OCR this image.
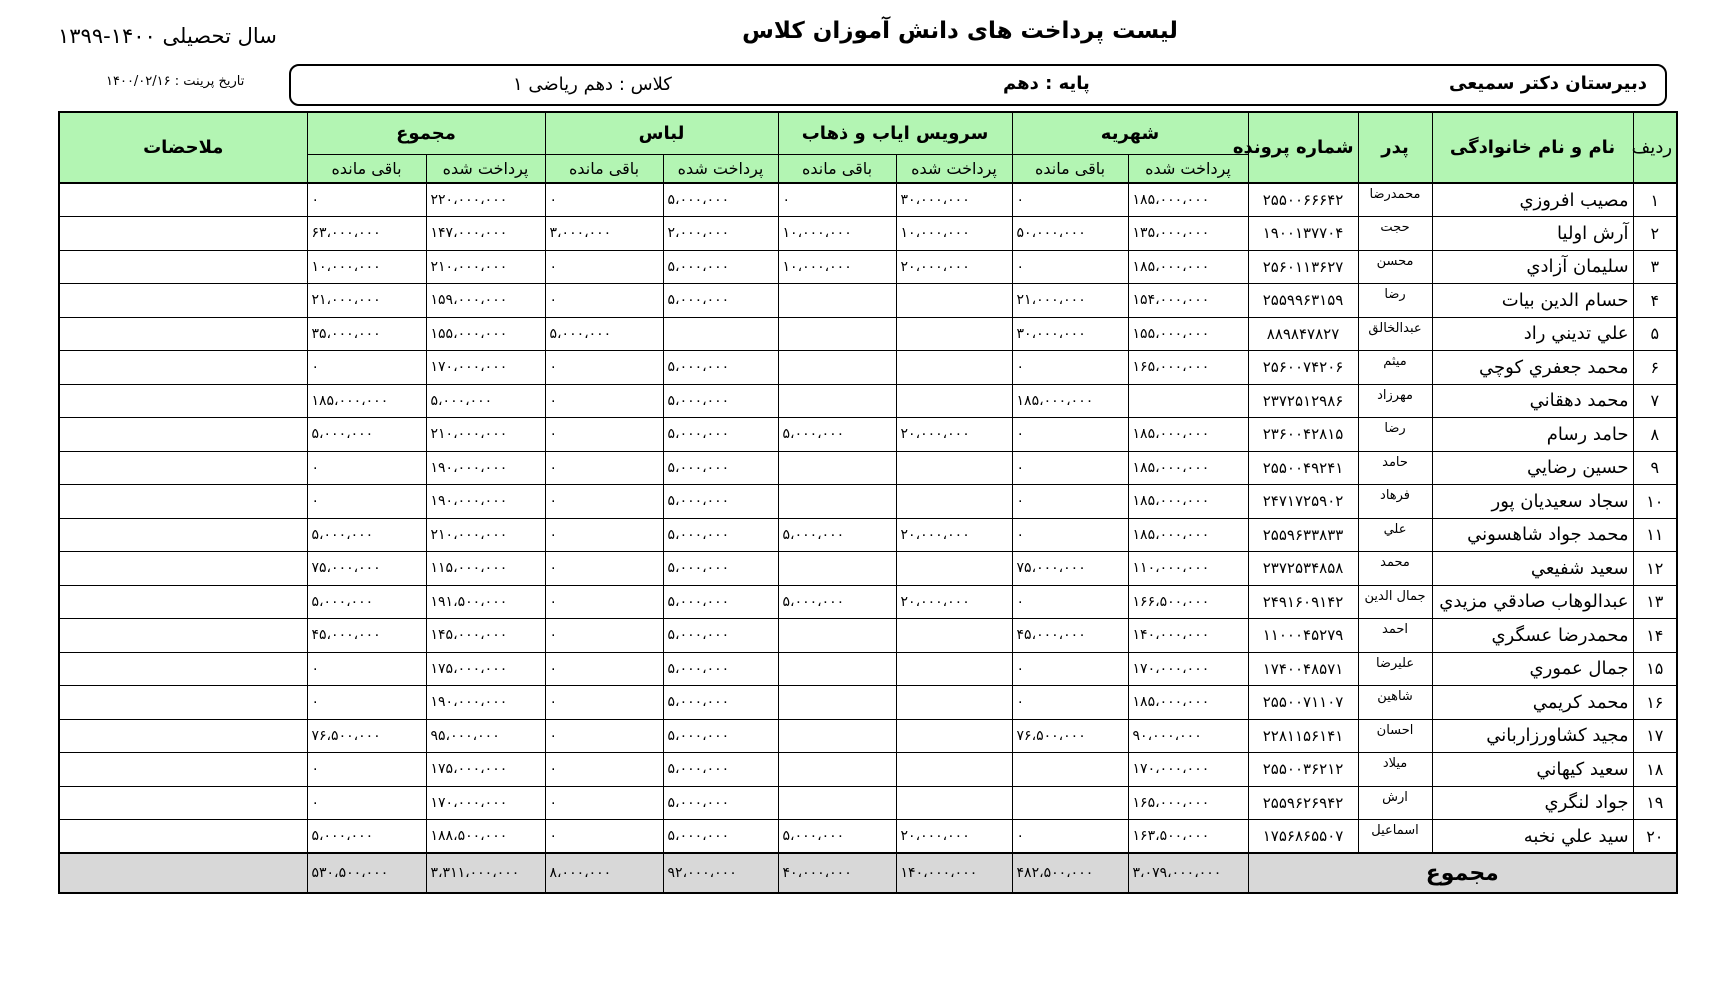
لیست پرداخت های دانش آموزان کلاس
سال تحصیلی ۱۴۰۰-۱۳۹۹
تاریخ پرینت : ۱۴۰۰/۰۲/۱۶	دبیرستان دکتر سمیعی
پایه : دهم
کلاس : دهم ریاضی ۱
ردیف	نام و نام خانوادگی	پدر	شماره پرونده	شهریه		سرویس ایاب و ذهاب		لباس		مجموع		ملاحضات
				پرداخت شده	باقی مانده	پرداخت شده	باقی مانده	پرداخت شده	باقی مانده	پرداخت شده	باقی مانده	
۱	مصیب افروزي	محمدرضا	۲۵۵۰۰۶۶۶۴۲	۱۸۵،۰۰۰،۰۰۰	۰	۳۰،۰۰۰،۰۰۰	۰	۵،۰۰۰،۰۰۰	۰	۲۲۰،۰۰۰،۰۰۰	۰	
۲	آرش اوليا	حجت	۱۹۰۰۱۳۷۷۰۴	۱۳۵،۰۰۰،۰۰۰	۵۰،۰۰۰،۰۰۰	۱۰،۰۰۰،۰۰۰	۱۰،۰۰۰،۰۰۰	۲،۰۰۰،۰۰۰	۳،۰۰۰،۰۰۰	۱۴۷،۰۰۰،۰۰۰	۶۳،۰۰۰،۰۰۰	
۳	سليمان آزادي	محسن	۲۵۶۰۱۱۳۶۲۷	۱۸۵،۰۰۰،۰۰۰	۰	۲۰،۰۰۰،۰۰۰	۱۰،۰۰۰،۰۰۰	۵،۰۰۰،۰۰۰	۰	۲۱۰،۰۰۰،۰۰۰	۱۰،۰۰۰،۰۰۰	
۴	حسام الدين بيات	رضا	۲۵۵۹۹۶۳۱۵۹	۱۵۴،۰۰۰،۰۰۰	۲۱،۰۰۰،۰۰۰			۵،۰۰۰،۰۰۰	۰	۱۵۹،۰۰۰،۰۰۰	۲۱،۰۰۰،۰۰۰	
۵	علي تديني راد	عبدالخالق	۸۸۹۸۴۷۸۲۷	۱۵۵،۰۰۰،۰۰۰	۳۰،۰۰۰،۰۰۰				۵،۰۰۰،۰۰۰	۱۵۵،۰۰۰،۰۰۰	۳۵،۰۰۰،۰۰۰	
۶	محمد جعفري كوچي	میثم	۲۵۶۰۰۷۴۲۰۶	۱۶۵،۰۰۰،۰۰۰	۰			۵،۰۰۰،۰۰۰	۰	۱۷۰،۰۰۰،۰۰۰	۰	
۷	محمد دهقاني	مهرزاد	۲۳۷۲۵۱۲۹۸۶		۱۸۵،۰۰۰،۰۰۰			۵،۰۰۰،۰۰۰	۰	۵،۰۰۰،۰۰۰	۱۸۵،۰۰۰،۰۰۰	
۸	حامد رسام	رضا	۲۳۶۰۰۴۲۸۱۵	۱۸۵،۰۰۰،۰۰۰	۰	۲۰،۰۰۰،۰۰۰	۵،۰۰۰،۰۰۰	۵،۰۰۰،۰۰۰	۰	۲۱۰،۰۰۰،۰۰۰	۵،۰۰۰،۰۰۰	
۹	حسين رضايي	حامد	۲۵۵۰۰۴۹۲۴۱	۱۸۵،۰۰۰،۰۰۰	۰			۵،۰۰۰،۰۰۰	۰	۱۹۰،۰۰۰،۰۰۰	۰	
۱۰	سجاد سعيديان پور	فرهاد	۲۴۷۱۷۲۵۹۰۲	۱۸۵،۰۰۰،۰۰۰	۰			۵،۰۰۰،۰۰۰	۰	۱۹۰،۰۰۰،۰۰۰	۰	
۱۱	محمد جواد شاهسوني	علي	۲۵۵۹۶۳۳۸۳۳	۱۸۵،۰۰۰،۰۰۰	۰	۲۰،۰۰۰،۰۰۰	۵،۰۰۰،۰۰۰	۵،۰۰۰،۰۰۰	۰	۲۱۰،۰۰۰،۰۰۰	۵،۰۰۰،۰۰۰	
۱۲	سعيد شفيعي	محمد	۲۳۷۲۵۳۴۸۵۸	۱۱۰،۰۰۰،۰۰۰	۷۵،۰۰۰،۰۰۰			۵،۰۰۰،۰۰۰	۰	۱۱۵،۰۰۰،۰۰۰	۷۵،۰۰۰،۰۰۰	
۱۳	عبدالوهاب صادقي مزيدي	جمال الدین	۲۴۹۱۶۰۹۱۴۲	۱۶۶،۵۰۰،۰۰۰	۰	۲۰،۰۰۰،۰۰۰	۵،۰۰۰،۰۰۰	۵،۰۰۰،۰۰۰	۰	۱۹۱،۵۰۰،۰۰۰	۵،۰۰۰،۰۰۰	
۱۴	محمدرضا عسگري	احمد	۱۱۰۰۰۴۵۲۷۹	۱۴۰،۰۰۰،۰۰۰	۴۵،۰۰۰،۰۰۰			۵،۰۰۰،۰۰۰	۰	۱۴۵،۰۰۰،۰۰۰	۴۵،۰۰۰،۰۰۰	
۱۵	جمال عموري	علیرضا	۱۷۴۰۰۴۸۵۷۱	۱۷۰،۰۰۰،۰۰۰	۰			۵،۰۰۰،۰۰۰	۰	۱۷۵،۰۰۰،۰۰۰	۰	
۱۶	محمد كريمي	شاهین	۲۵۵۰۰۷۱۱۰۷	۱۸۵،۰۰۰،۰۰۰	۰			۵،۰۰۰،۰۰۰	۰	۱۹۰،۰۰۰،۰۰۰	۰	
۱۷	مجيد كشاورزارباني	احسان	۲۲۸۱۱۵۶۱۴۱	۹۰،۰۰۰،۰۰۰	۷۶،۵۰۰،۰۰۰			۵،۰۰۰،۰۰۰	۰	۹۵،۰۰۰،۰۰۰	۷۶،۵۰۰،۰۰۰	
۱۸	سعيد كيهاني	میلاد	۲۵۵۰۰۳۶۲۱۲	۱۷۰،۰۰۰،۰۰۰				۵،۰۰۰،۰۰۰	۰	۱۷۵،۰۰۰،۰۰۰	۰	
۱۹	جواد لنگري	ارش	۲۵۵۹۶۲۶۹۴۲	۱۶۵،۰۰۰،۰۰۰				۵،۰۰۰،۰۰۰	۰	۱۷۰،۰۰۰،۰۰۰	۰	
۲۰	سيد علي نخبه	اسماعیل	۱۷۵۶۸۶۵۵۰۷	۱۶۳،۵۰۰،۰۰۰	۰	۲۰،۰۰۰،۰۰۰	۵،۰۰۰،۰۰۰	۵،۰۰۰،۰۰۰	۰	۱۸۸،۵۰۰،۰۰۰	۵،۰۰۰،۰۰۰	
مجموع				۳،۰۷۹،۰۰۰،۰۰۰	۴۸۲،۵۰۰،۰۰۰	۱۴۰،۰۰۰،۰۰۰	۴۰،۰۰۰،۰۰۰	۹۲،۰۰۰،۰۰۰	۸،۰۰۰،۰۰۰	۳،۳۱۱،۰۰۰،۰۰۰	۵۳۰،۵۰۰،۰۰۰	
